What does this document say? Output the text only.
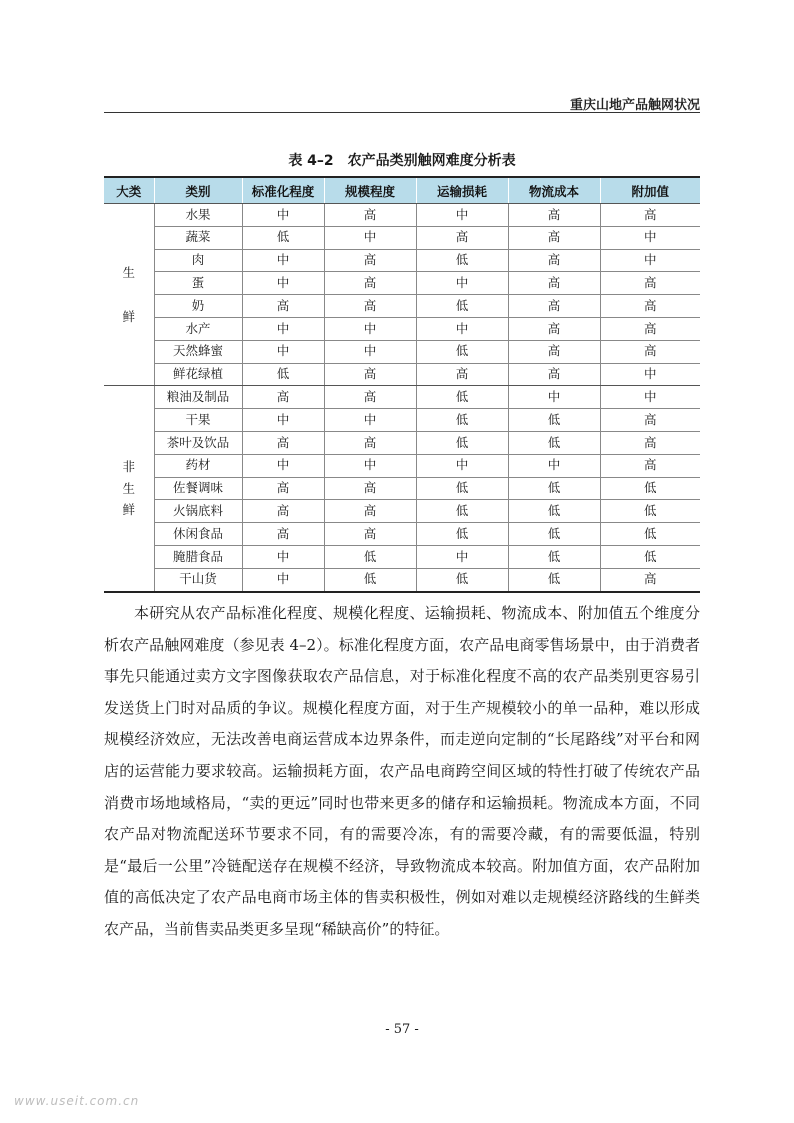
重庆山地产品触网状况
表 4–2 农产品类别触网难度分析表
大类	类别	标准化程度	规模程度	运输损耗	物流成本	附加值
生

鲜	水果	中	高	中	高	高
	蔬菜	低	中	高	高	中
	肉	中	高	低	高	中
	蛋	中	高	中	高	高
	奶	高	高	低	高	高
	水产	中	中	中	高	高
	天然蜂蜜	中	中	低	高	高
	鲜花绿植	低	高	高	高	中
非
生
鲜	粮油及制品	高	高	低	中	中
	干果	中	中	低	低	高
	茶叶及饮品	高	高	低	低	高
	药材	中	中	中	中	高
	佐餐调味	高	高	低	低	低
	火锅底料	高	高	低	低	低
	休闲食品	高	高	低	低	低
	腌腊食品	中	低	中	低	低
	干山货	中	低	低	低	高

本研究从农产品标准化程度、规模化程度、运输损耗、物流成本、附加值五个维度分析农产品触网难度（参见表 4–2）。标准化程度方面，农产品电商零售场景中，由于消费者事先只能通过卖方文字图像获取农产品信息，对于标准化程度不高的农产品类别更容易引发送货上门时对品质的争议。规模化程度方面，对于生产规模较小的单一品种，难以形成规模经济效应，无法改善电商运营成本边界条件，而走逆向定制的“长尾路线”对平台和网店的运营能力要求较高。运输损耗方面，农产品电商跨空间区域的特性打破了传统农产品消费市场地域格局，“卖的更远”同时也带来更多的储存和运输损耗。物流成本方面，不同农产品对物流配送环节要求不同，有的需要冷冻，有的需要冷藏，有的需要低温，特别是“最后一公里”冷链配送存在规模不经济，导致物流成本较高。附加值方面，农产品附加值的高低决定了农产品电商市场主体的售卖积极性，例如对难以走规模经济路线的生鲜类农产品，当前售卖品类更多呈现“稀缺高价”的特征。

- 57 -
www.useit.com.cn
